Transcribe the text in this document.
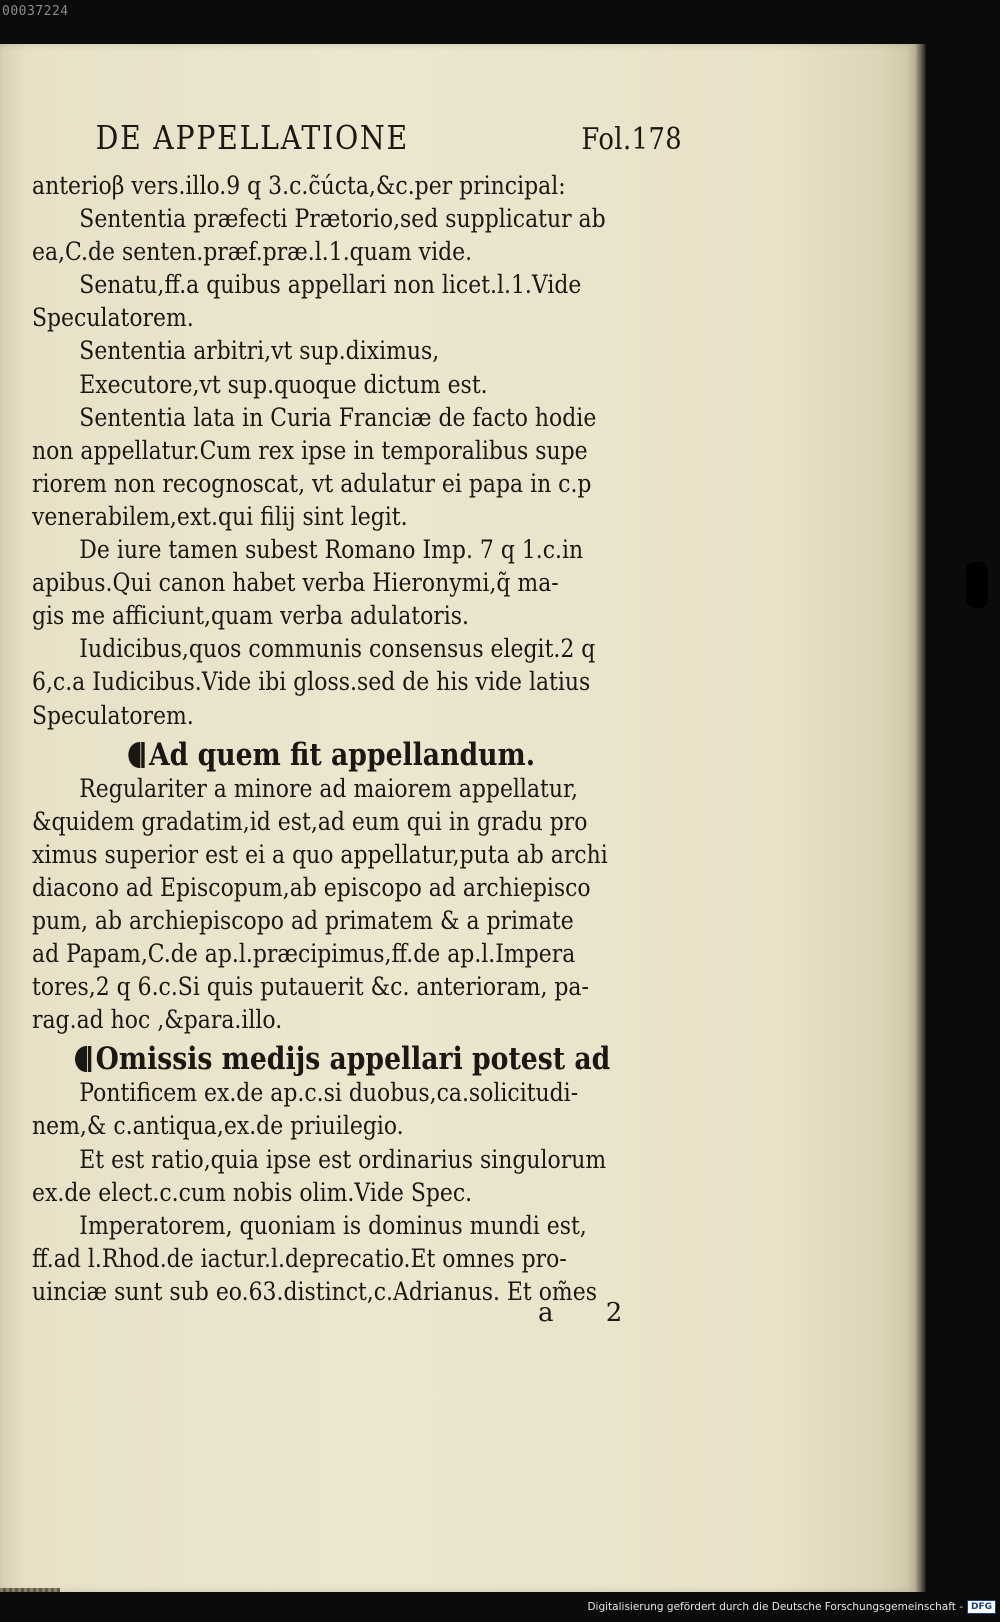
00037224
DE APPELLATIONE	Fol.178
anterioβ vers.illo.9 q 3.c.c̃úcta,&c.per principal:
Sententia præfecti Prætorio,sed supplicatur ab
ea,C.de senten.præf.præ.l.1.quam vide.
Senatu,ff.a quibus appellari non licet.l.1.Vide
Speculatorem.
Sententia arbitri,vt sup.diximus,
Executore,vt sup.quoque dictum est.
Sententia lata in Curia Franciæ de facto hodie
non appellatur.Cum rex ipse in temporalibus supe
riorem non recognoscat, vt adulatur ei papa in c.p
venerabilem,ext.qui filij sint legit.
De iure tamen subest Romano Imp. 7 q 1.c.in
apibus.Qui canon habet verba Hieronymi,q̃ ma-
gis me afficiunt,quam verba adulatoris.
Iudicibus,quos communis consensus elegit.2 q
6,c.a Iudicibus.Vide ibi gloss.sed de his vide latius
Speculatorem.
Ad quem fit appellandum.
Regulariter a minore ad maiorem appellatur,
&quidem gradatim,id est,ad eum qui in gradu pro
ximus superior est ei a quo appellatur,puta ab archi
diacono ad Episcopum,ab episcopo ad archiepisco
pum, ab archiepiscopo ad primatem & a primate
ad Papam,C.de ap.l.præcipimus,ff.de ap.l.Impera
tores,2 q 6.c.Si quis putauerit &c. anterioram, pa-
rag.ad hoc ,&para.illo.
Omissis medijs appellari potest ad
Pontificem ex.de ap.c.si duobus,ca.solicitudi-
nem,& c.antiqua,ex.de priuilegio.
Et est ratio,quia ipse est ordinarius singulorum
ex.de elect.c.cum nobis olim.Vide Spec.
Imperatorem, quoniam is dominus mundi est,
ff.ad l.Rhod.de iactur.l.deprecatio.Et omnes pro-
uinciæ sunt sub eo.63.distinct,c.Adrianus. Et om̃es
a 2
Digitalisierung gefördert durch die Deutsche Forschungsgemeinschaft - DFG
